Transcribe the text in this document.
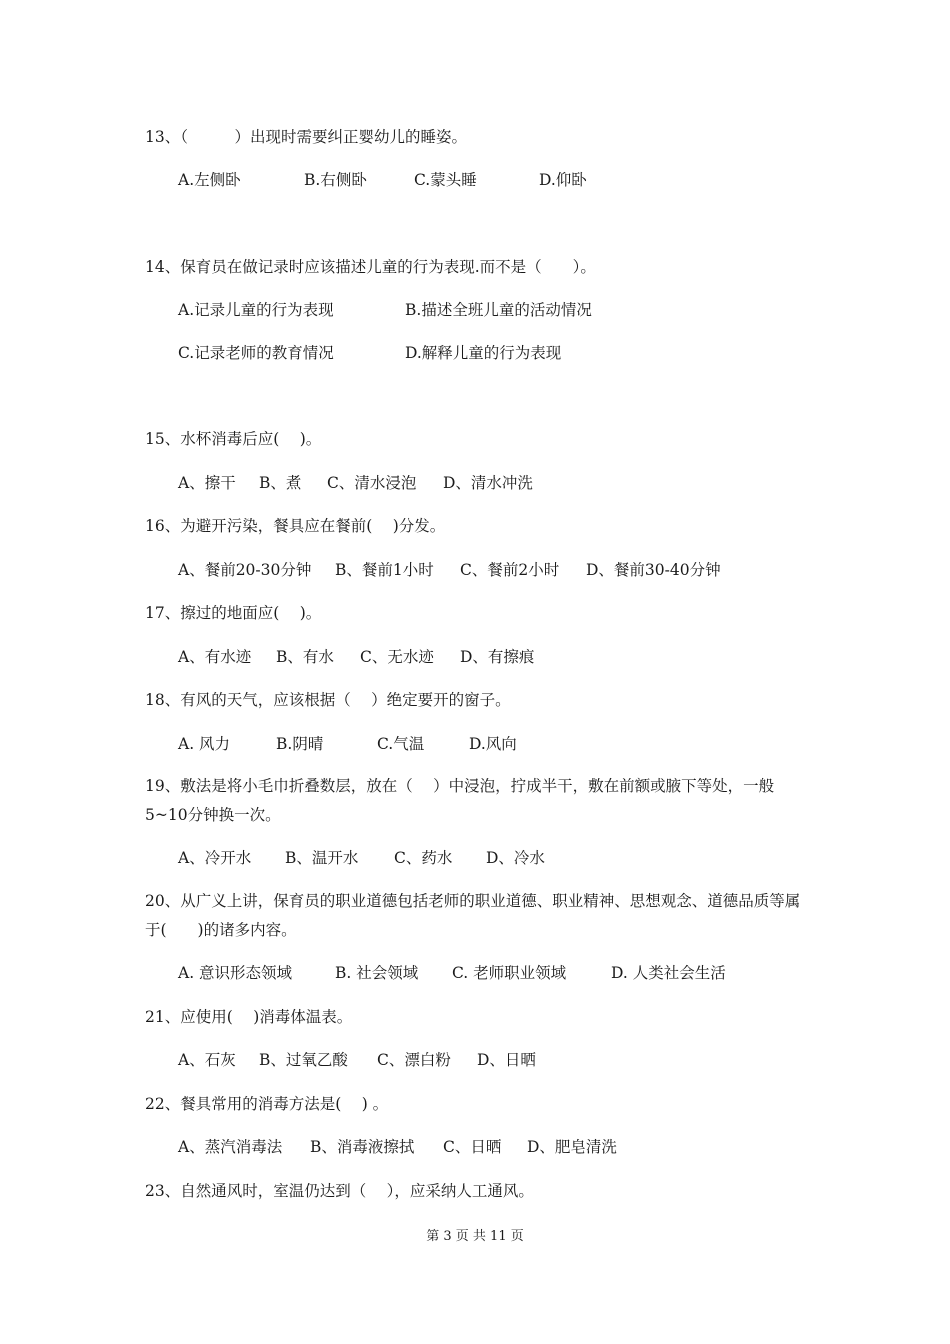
13、（　　　）出现时需要纠正婴幼儿的睡姿。

A.左侧卧	B.右侧卧	C.蒙头睡	D.仰卧

14、保育员在做记录时应该描述儿童的行为表现.而不是（　　）。

A.记录儿童的行为表现	B.描述全班儿童的活动情况
C.记录老师的教育情况	D.解释儿童的行为表现

15、水杯消毒后应(　 )。

A、擦干 B、煮 C、清水浸泡 D、清水冲洗

16、为避开污染，餐具应在餐前(　 )分发。

A、餐前20-30分钟 B、餐前1小时 C、餐前2小时 D、餐前30-40分钟

17、擦过的地面应(　 )。

A、有水迹 B、有水 C、无水迹 D、有擦痕

18、有风的天气，应该根据（　 ）绝定要开的窗子。

A. 风力	B.阴晴	C.气温	D.风向

19、敷法是将小毛巾折叠数层，放在（　 ）中浸泡，拧成半干，敷在前额或腋下等处，一般5~10分钟换一次。

A、冷开水 B、温开水 C、药水 D、冷水

20、从广义上讲，保育员的职业道德包括老师的职业道德、职业精神、思想观念、道德品质等属于(　　)的诸多内容。

A. 意识形态领域	B. 社会领域 C. 老师职业领域	D. 人类社会生活

21、应使用(　 )消毒体温表。

A、石灰 B、过氧乙酸 C、漂白粉 D、日晒

22、餐具常用的消毒方法是(　 ) 。

A、蒸汽消毒法 B、消毒液擦拭 C、日晒 D、肥皂清洗

23、自然通风时，室温仍达到（　 ），应采纳人工通风。

第 3 页 共 11 页
